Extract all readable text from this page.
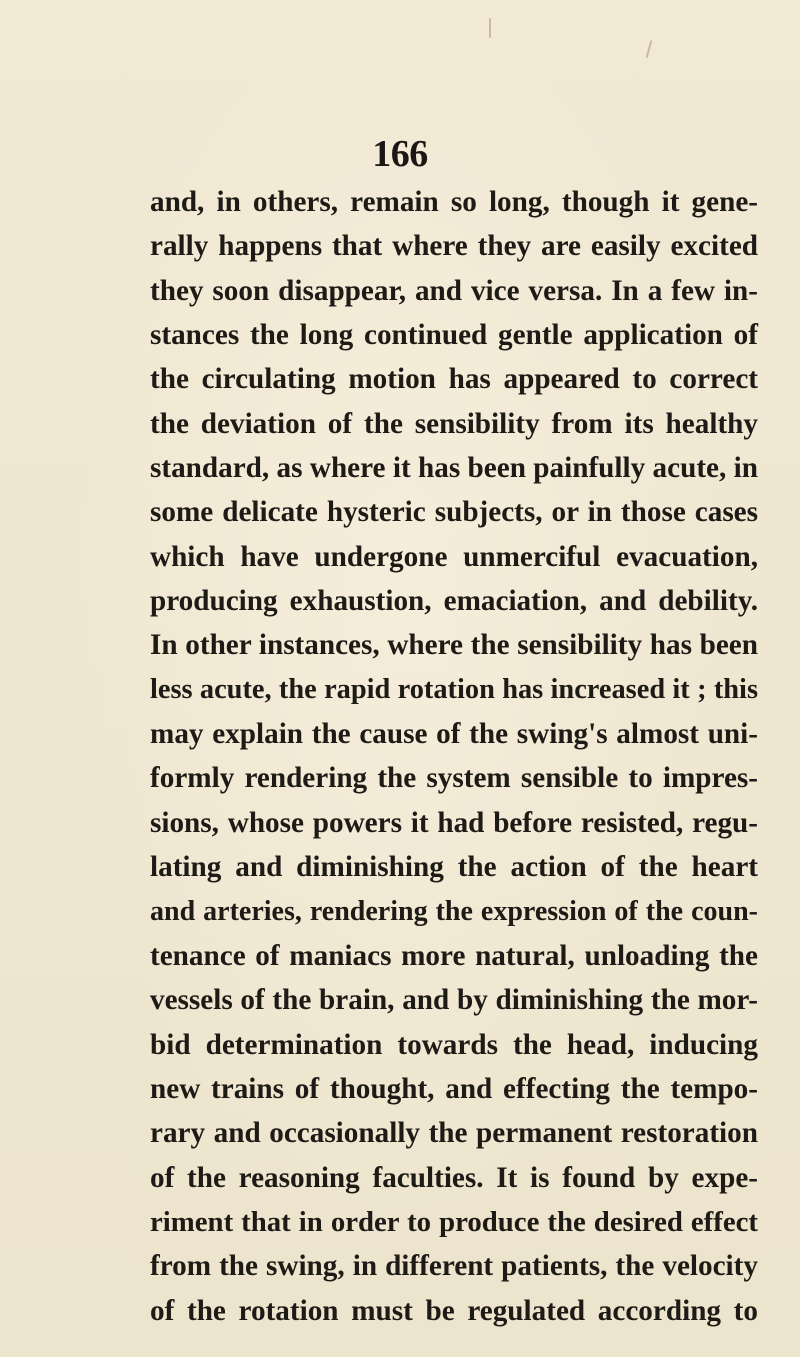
166
and, in others, remain so long, though it gene-
rally happens that where they are easily excited
they soon disappear, and vice versa. In a few in-
stances the long continued gentle application of
the circulating motion has appeared to correct
the deviation of the sensibility from its healthy
standard, as where it has been painfully acute, in
some delicate hysteric subjects, or in those cases
which have undergone unmerciful evacuation,
producing exhaustion, emaciation, and debility.
In other instances, where the sensibility has been
less acute, the rapid rotation has increased it ; this
may explain the cause of the swing's almost uni-
formly rendering the system sensible to impres-
sions, whose powers it had before resisted, regu-
lating and diminishing the action of the heart
and arteries, rendering the expression of the coun-
tenance of maniacs more natural, unloading the
vessels of the brain, and by diminishing the mor-
bid determination towards the head, inducing
new trains of thought, and effecting the tempo-
rary and occasionally the permanent restoration
of the reasoning faculties. It is found by expe-
riment that in order to produce the desired effect
from the swing, in different patients, the velocity
of the rotation must be regulated according to
